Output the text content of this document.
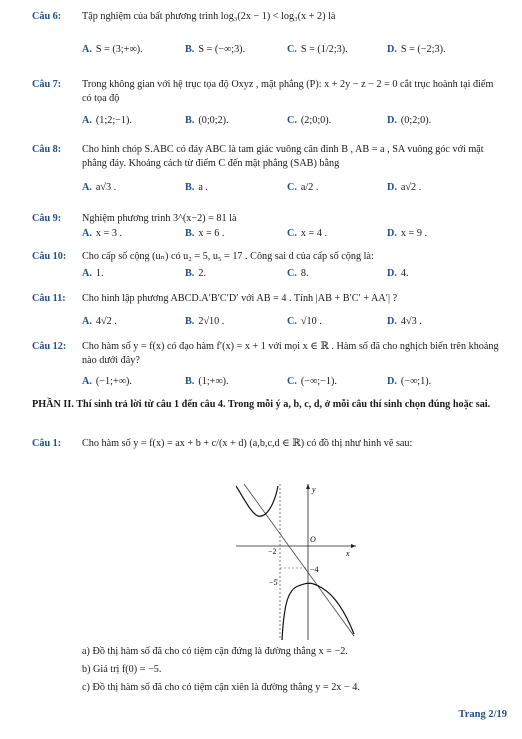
Câu 6: Tập nghiệm của bất phương trình log₃(2x − 1) < log₃(x + 2) là
A. S = (3;+∞).	B. S = (−∞;3).	C. S = (1/2;3).	D. S = (−2;3).
Câu 7: Trong không gian với hệ trục tọa độ Oxyz , mặt phẳng (P): x + 2y − z − 2 = 0 cắt trục hoành tại điểm có tọa độ
A. (1;2;−1).	B. (0;0;2).	C. (2;0;0).	D. (0;2;0).
Câu 8: Cho hình chóp S.ABC có đáy ABC là tam giác vuông cân đỉnh B , AB = a , SA vuông góc với mặt phẳng đáy. Khoảng cách từ điểm C đến mặt phẳng (SAB) bằng
A. a√3 .	B. a .	C. a/2 .	D. a√2 .
Câu 9: Nghiệm phương trình 3^(x−2) = 81 là
A. x = 3 .	B. x = 6 .	C. x = 4 .	D. x = 9 .
Câu 10: Cho cấp số cộng (uₙ) có u₂ = 5, u₅ = 17 . Công sai d của cấp số cộng là:
A. 1.	B. 2.	C. 8.	D. 4.
Câu 11: Cho hình lập phương ABCD.A′B′C′D′ với AB = 4 . Tính |AB + B′C′ + AA′| ?
A. 4√2 .	B. 2√10 .	C. √10 .	D. 4√3 .
Câu 12: Cho hàm số y = f(x) có đạo hàm f′(x) = x + 1 với mọi x ∈ ℝ . Hàm số đã cho nghịch biến trên khoảng nào dưới đây?
A. (−1;+∞).	B. (1;+∞).	C. (−∞;−1).	D. (−∞;1).
PHẦN II. Thí sinh trả lời từ câu 1 đến câu 4. Trong mỗi ý a, b, c, d, ở mỗi câu thí sinh chọn đúng hoặc sai.
Câu 1: Cho hàm số y = f(x) = ax + b + c/(x + d) (a,b,c,d ∈ ℝ) có đồ thị như hình vẽ sau:
y
x
O
−2
−4
−5
a) Đồ thị hàm số đã cho có tiệm cận đứng là đường thẳng x = −2.
b) Giá trị f(0) = −5.
c) Đồ thị hàm số đã cho có tiệm cận xiên là đường thẳng y = 2x − 4.
Trang 2/19
